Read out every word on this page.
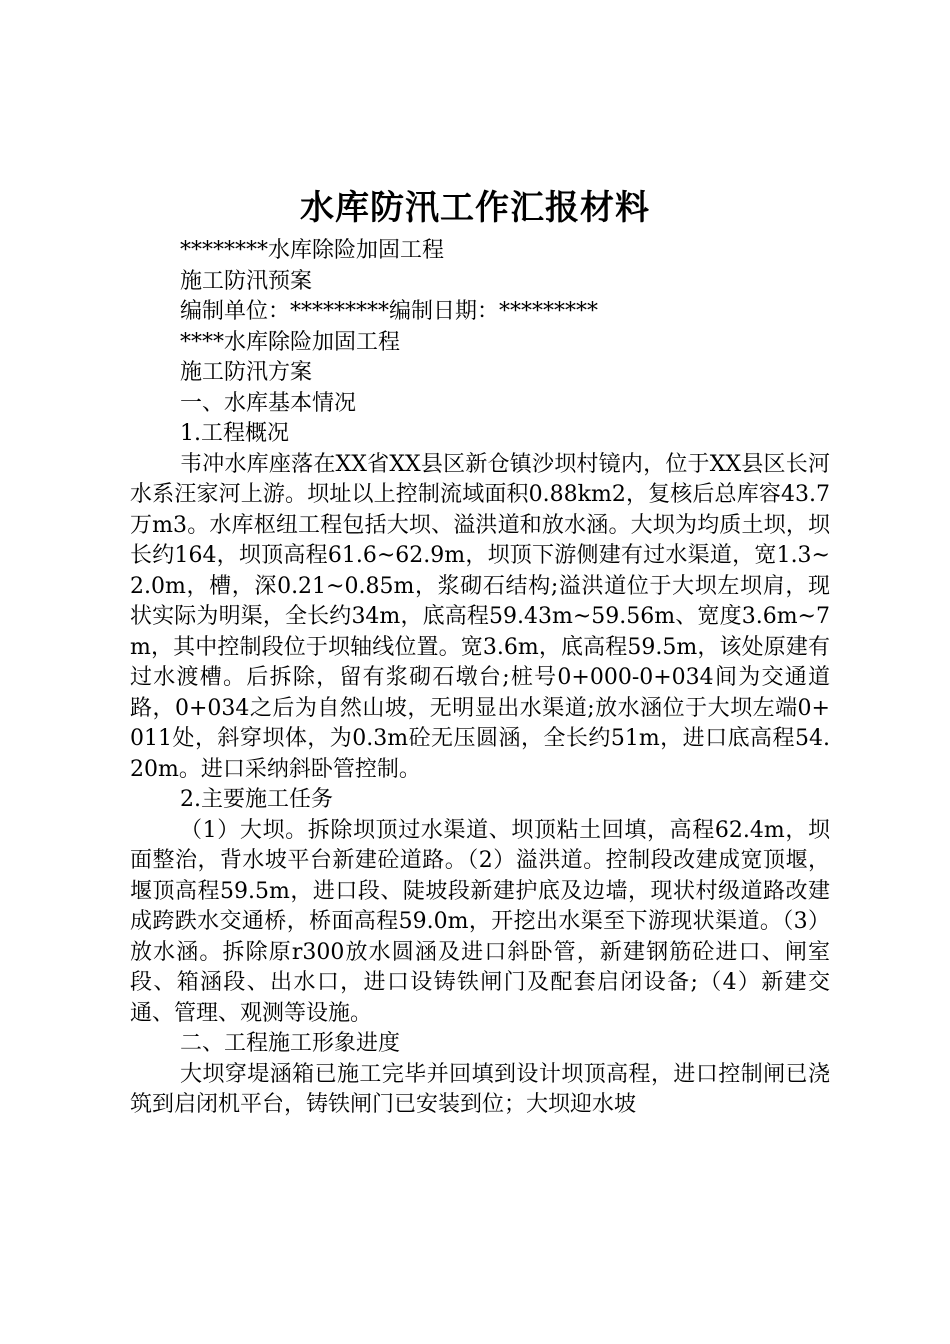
水库防汛工作汇报材料
********水库除险加固工程
施工防汛预案
编制单位：*********编制日期：*********
****水库除险加固工程
施工防汛方案
一、水库基本情况
1.工程概况

韦冲水库座落在XX省XX县区新仓镇沙坝村镜内，位于XX县区长河水系汪家河上游。坝址以上控制流域面积0.88km2，复核后总库容43.7万m3。水库枢纽工程包括大坝、溢洪道和放水涵。大坝为均质土坝，坝长约164，坝顶高程61.6~62.9m，坝顶下游侧建有过水渠道，宽1.3~2.0m，槽，深0.21~0.85m，浆砌石结构;溢洪道位于大坝左坝肩，现状实际为明渠，全长约34m，底高程59.43m~59.56m、宽度3.6m~7m，其中控制段位于坝轴线位置。宽3.6m，底高程59.5m，该处原建有过水渡槽。后拆除，留有浆砌石墩台;桩号0+000-0+034间为交通道路，0+034之后为自然山坡，无明显出水渠道;放水涵位于大坝左端0+011处，斜穿坝体，为0.3m砼无压圆涵，全长约51m，进口底高程54.20m。进口采纳斜卧管控制。

2.主要施工任务

（1）大坝。拆除坝顶过水渠道、坝顶粘土回填，高程62.4m，坝面整治，背水坡平台新建砼道路。（2）溢洪道。控制段改建成宽顶堰，堰顶高程59.5m，进口段、陡坡段新建护底及边墙，现状村级道路改建成跨跌水交通桥，桥面高程59.0m，开挖出水渠至下游现状渠道。（3）放水涵。拆除原r300放水圆涵及进口斜卧管，新建钢筋砼进口、闸室段、箱涵段、出水口，进口设铸铁闸门及配套启闭设备;（4）新建交通、管理、观测等设施。

二、工程施工形象进度

大坝穿堤涵箱已施工完毕并回填到设计坝顶高程，进口控制闸已浇筑到启闭机平台，铸铁闸门已安装到位；大坝迎水坡
